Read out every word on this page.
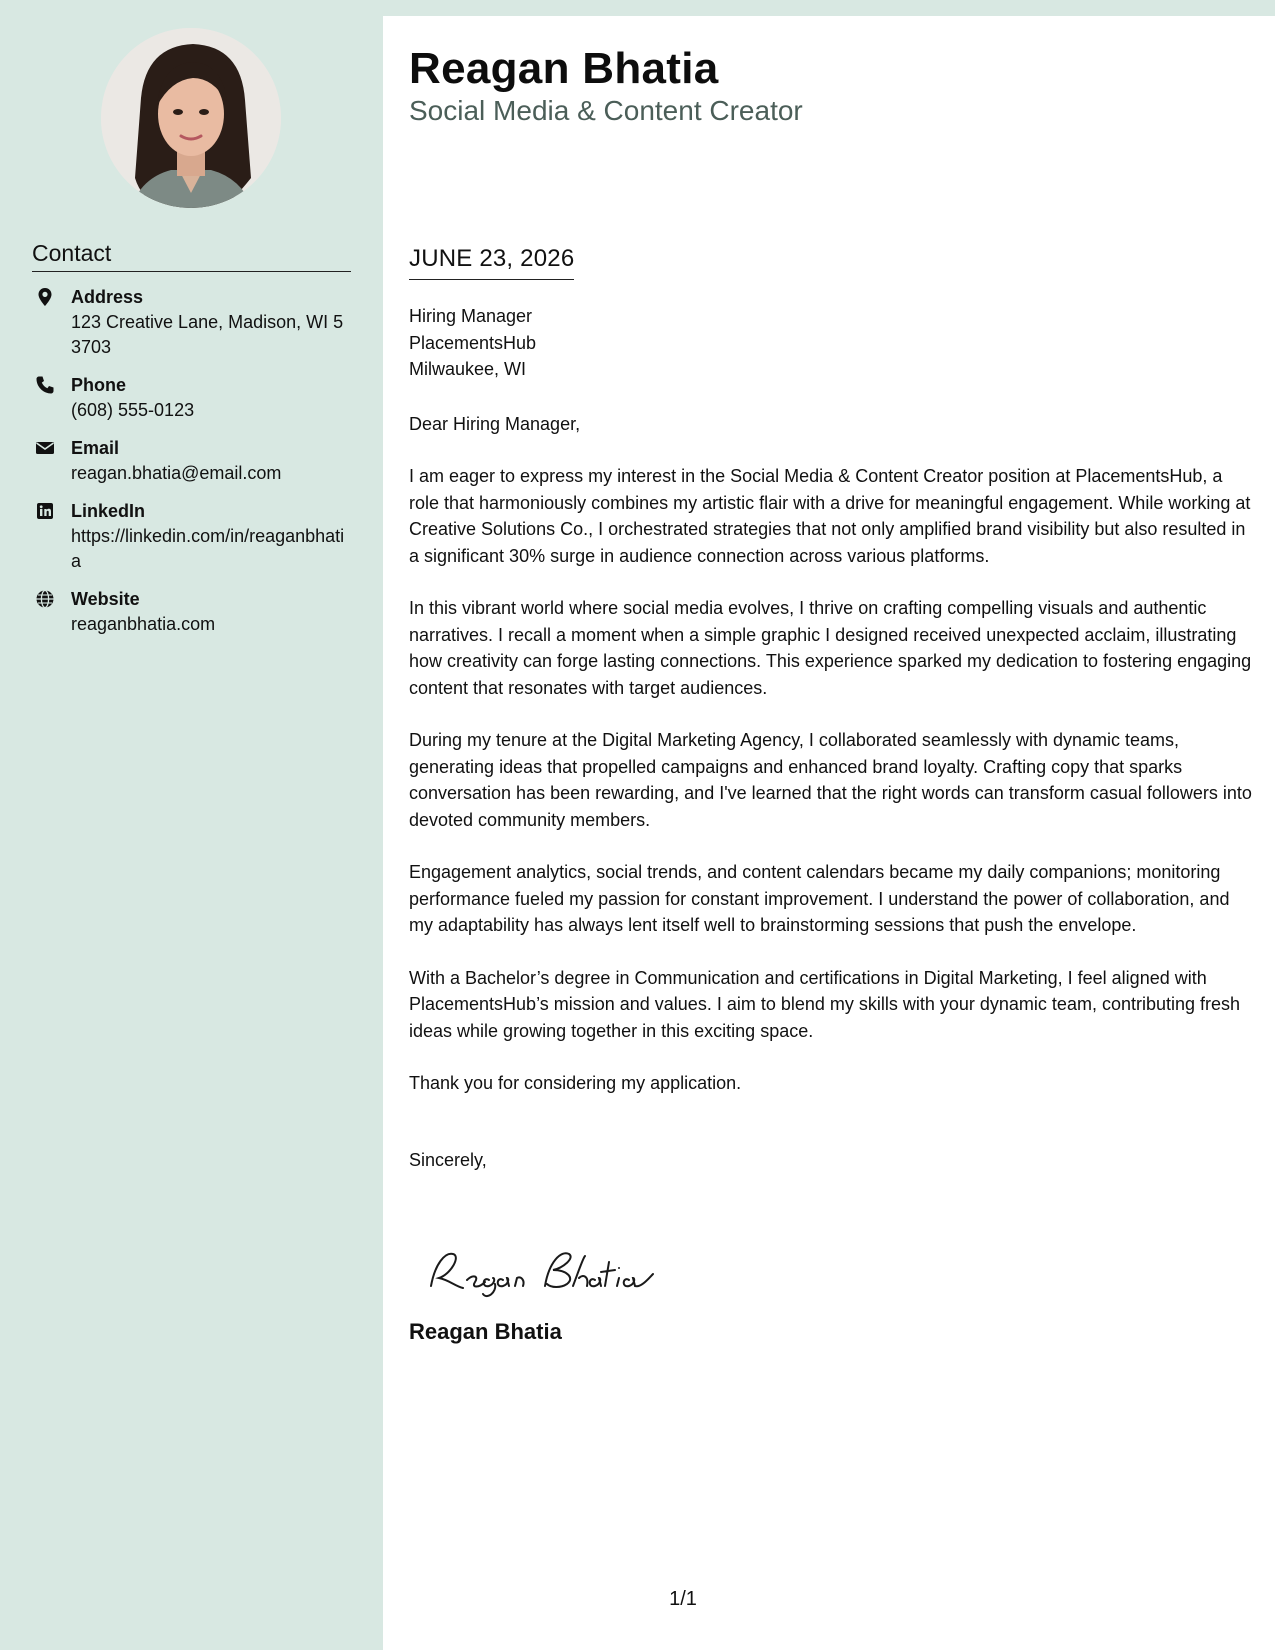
Contact
Address
123 Creative Lane, Madison, WI 53703
Phone
(608) 555-0123
Email
reagan.bhatia@email.com
LinkedIn
https://linkedin.com/in/reaganbhatia
Website
reaganbhatia.com
Reagan Bhatia
Social Media & Content Creator
JUNE 23, 2026

Hiring Manager

PlacementsHub

Milwaukee, WI

Dear Hiring Manager,

I am eager to express my interest in the Social Media & Content Creator position at PlacementsHub, a role that harmoniously combines my artistic flair with a drive for meaningful engagement. While working at Creative Solutions Co., I orchestrated strategies that not only amplified brand visibility but also resulted in a significant 30% surge in audience connection across various platforms.

In this vibrant world where social media evolves, I thrive on crafting compelling visuals and authentic narratives. I recall a moment when a simple graphic I designed received unexpected acclaim, illustrating how creativity can forge lasting connections. This experience sparked my dedication to fostering engaging content that resonates with target audiences.

During my tenure at the Digital Marketing Agency, I collaborated seamlessly with dynamic teams, generating ideas that propelled campaigns and enhanced brand loyalty. Crafting copy that sparks conversation has been rewarding, and I've learned that the right words can transform casual followers into devoted community members.

Engagement analytics, social trends, and content calendars became my daily companions; monitoring performance fueled my passion for constant improvement. I understand the power of collaboration, and my adaptability has always lent itself well to brainstorming sessions that push the envelope.

With a Bachelor’s degree in Communication and certifications in Digital Marketing, I feel aligned with PlacementsHub’s mission and values. I aim to blend my skills with your dynamic team, contributing fresh ideas while growing together in this exciting space.

Thank you for considering my application.

Sincerely,

Reagan Bhatia
1/1
